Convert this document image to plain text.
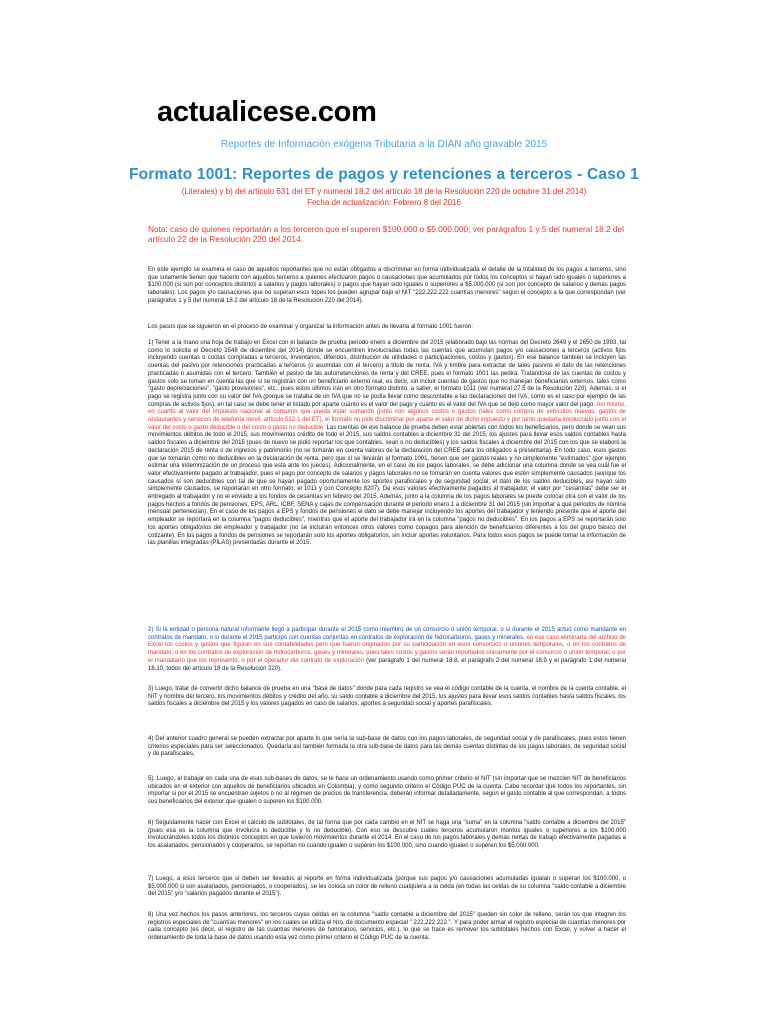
actualicese.com
Reportes de Información exógena Tributaria a la DIAN año gravable 2015
Formato 1001: Reportes de pagos y retenciones a terceros - Caso 1
(Literales) y b) del artículo 631 del ET y numeral 18.2 del artículo 18 de la Resolución 220 de octubre 31 del 2014)
Fecha de actualización: Febrero 8 del 2016
Nota: caso de quienes reportarán a los terceros que el superen $100.000 o $5.000.000; ver parágrafos 1 y 5 del numeral 18.2 del artículo 22 de la Resolución 220 del 2014.
En este ejemplo se examina el caso de aquellos reportantes que no están obligados a discriminar en forma individualizada el detalle de la totalidad de los pagos a terceros, sino que solamente tienen que hacerlo con aquellos terceros a quienes efectuaron pagos o causaciones que acumulados por todos los conceptos sí hayan sido iguales o superiores a $100.000 (si son por conceptos distintos a salarios y pagos laborales) o pagos que hayan sido iguales o superiores a $5.000.000 (si son por concepto de salarios y demás pagos laborales). Los pagos y/o causaciones que no superan esos topes los pueden agrupar bajo el NIT "222.222.222 cuantías menores" según el concepto a la que correspondan (ver parágrafos 1 y 5 del numeral 18.2 del artículo 18 de la Resolución 220 del 2014).
Los pasos que se siguieron en el proceso de examinar y organizar la información antes de llevarla al formato 1001 fueron:
1) Tener a la mano una hoja de trabajo en Excel con el balance de prueba periodo enero a diciembre del 2015 (elaborado bajo las normas del Decreto 2649 y el 2650 de 1993, tal como lo solicita el Decreto 2548 de diciembre del 2014) donde se encuentren involucradas todas las cuentas que acumulan pagos y/o causaciones a terceros (activos fijos incluyendo cuentas o cuotas compradas a terceros, inventarios, diferidos, distribución de utilidades o participaciones, costos y gastos). En ese balance también se incluyen las cuentas del pasivo por retenciones practicadas a terceros (o asumidas con el tercero) a título de renta, IVA y timbre para extractar de tales pasivos el dato de las retenciones practicadas o asumidas con el tercero. También el pasivo de las autorretenciones de renta y del CREE, pues el formato 1001 las pedirá. Tratándose de las cuentas de costos y gastos solo se toman en cuenta las que si se registran con un beneficiario externo real, es decir, sin incluir cuentas de gastos que no manejan beneficiarios externos, tales como "gasto depreciaciones", "gasto provisiones", etc., pues estos últimos irán en otro formato distinto, a saber, el formato 1011 (ver numeral 27.5 de la Resolución 220). Además, si el pago se registra junto con su valor del IVA (porque se trataba de un IVA que no se podía llevar como descontable a las declaraciones del IVA, como es el caso por ejemplo de las compras de activos fijos), en tal caso se debe tener el listado por aparte cuánto es el valor del pago y cuánto es el valor del IVA que se dejó como mayor valor del pago. Así mismo, en cuanto al valor del impuesto nacional al consumo que pueda estar sumando (junto con algunos costos o gastos (tales como compra de vehículos nuevos, gastos de restaurantes y servicios de telefonía movil, artículo 512-1 del ET), el formato no pide discriminar por aparte el valor de dicho impuesto y por tanto quedaría involucrado junto con el valor del costo o gasto deducible o del costo o gasto no deducible. Las cuentas de ese balance de prueba deben estar abiertas con todos los beneficiarios, pero donde se vean sus movimientos débitos de todo el 2015, sus movimientos crédito de todo el 2015, sus saldos contables a diciembre 31 del 2015, los ajustes para llevar esos saldos contables hasta saldos fiscales a diciembre del 2015 (pues de nuevo se pidió reportar los que contables, sean o no deducibles) y los saldos fiscales a diciembre del 2015 con los que se elaboró la declaración 2015 de renta o de ingresos y patrimonio (no se tomarán en cuenta valores de la declaración del CREE para los obligados a presentarla). En todo caso, esos gastos que se tomarán como no deducibles en la declaración de renta, pero que sí se llevarán al formato 1001, tienen que ser gastos reales y no simplemente "estimados" (por ejemplo estimar una indemnización de un proceso que está ante los jueces). Adicionalmente, en el caso de los pagos laborales, se debe adicionar una columna donde se vea cuál fue el valor efectivamente pagado al trabajador, pues el pago por concepto de salarios y pagos laborales no se tomarán en cuenta valores que estén simplemente causados (aunque los causados sí son deducibles con tal de que se hayan pagado oportunamente los aportes parafiscales y de seguridad social; el dato de los saldos deducibles, así hayan sido simplemente causados, se reportarán en otro formato, el 1011 y con Concepto 8207). De esos valores efectivamente pagados al trabajador, el valor por "cesantías" debe ser el entregado al trabajador y no el enviado a los fondos de cesantías en febrero del 2015. Además, junto a la columna de los pagos laborales se puede colocar otra con el valor de los pagos hechos a fondos de pensiones, EPS, ARL, ICBF, SENA y cajas de compensación durante el periodo enero 1 a diciembre 31 del 2015 (sin importar a qué periodos de nómina mensual pertenecían). En el caso de los pagos a EPS y fondos de pensiones el dato se debe manejar incluyendo los aportes del trabajador y teniendo presente que el aporte del empleador se reportará en la columna "pagos deducibles", mientras que el aporte del trabajador irá en la columna "pagos no deducibles". En los pagos a EPS se reportarán solo los aportes obligatorios del empleador y trabajador (no se incluirán entonces otros valores como copagos para atención de beneficiarios diferentes a los del grupo básico del cotizante). En los pagos a fondos de pensiones se reportarán solo los aportes obligatorios, sin incluir aportes voluntarios. Para todos esos pagos se puede tomar la información de las planillas integradas (PILAS) presentadas durante el 2015.
2) Si la entidad o persona natural informante llegó a participar durante el 2015 como miembro de un consorcio o unión temporal, o si durante el 2015 actuó como mandante en contratos de mandato, o si durante el 2015 participó con cuentas conjuntas en contratos de exploración de hidrocarburos, gases y minerales, en ese caso eliminaría del archivo de Excel los costos y gastos que figuran en sus contabilidades pero que fueron originados por su participación en esos consorcios o uniones temporales, o en los contratos de mandato, o en los contratos de exploración de hidrocarburos, gases y minerales, pues tales costos y gastos serán reportados únicamente por el consorcio o unión temporal, o por el mandatario que los representó, o por el operador del contrato de exploración (ver parágrafo 1 del numeral 18.8, el parágrafo 2 del numeral 18.9 y el parágrafo 1 del numeral 18.10, todos del artículo 18 de la Resolución 220).
3) Luego, tratar de convertir dicho balance de prueba en una "base de datos" donde para cada registro se vea el código contable de la cuenta, el nombre de la cuenta contable, el NIT y nombre del tercero, los movimientos débitos y crédito del año, su saldo contable a diciembre del 2015, los ajustes para llevar esos saldos contables hasta saldos fiscales, los saldos fiscales a diciembre del 2015 y los valores pagados en caso de salarios, aportes a seguridad social y aportes parafiscales.
4) Del anterior cuadro general se pueden extractar por aparte lo que sería la sub-base de datos con los pagos laborales, de seguridad social y de parafiscales, pues estos tienen criterios especiales para ser seleccionados. Quedaría así también formada la otra sub-base de datos para las demás cuentas distintas de los pagos laborales, de seguridad social y de parafiscales,
5). Luego, al trabajar en cada una de esas sub-bases de datos, se le hace un ordenamiento usando como primer criterio el NIT (sin importar que se mezclen NIT de beneficiarios ubicados en el exterior con aquellos de beneficiarios ubicados en Colombia), y como segundo criterio el Código PUC de la cuenta. Cabe recordar que todos los reportantes, sin importar si por el 2015 se encuentran sujetos o no al régimen de precios de transferencia, deberán informar detalladamente, según el gasto contable al que correspondan, a todos sus beneficiarios del exterior que igualen o superen los $100.000.
6) Seguidamente hacer con Excel el cálculo de subtotales, de tal forma que por cada cambio en el NIT se haga una "suma" en la columna "saldo contable a diciembre del 2015" (pues esa es la columna que involucra lo deducible y lo no deducible). Con eso se descubre cuáles terceros acumularon montos iguales o superiores a los $100.000 involucrándoles todos los distintos conceptos en que tuvieron movimientos durante el 2014. En el caso de los pagos laborales y demás rentas de trabajo efectivamente pagadas a los asalariados, pensionados y cooperados, se reportan no cuando igualen o superen los $100.000, sino cuando igualen o superen los $5.000.000.
7) Luego, a esos terceros que sí deben ser llevados al reporte en forma individualizada (porque sus pagos y/o causaciones acumuladas igualan o superan los $100.000, o $5.000.000 si son asalariados, pensionados, o cooperados), se les coloca un color de relleno cualquiera a la celda (en todas las celdas de su columna "saldo contable a diciembre del 2015" y/o "salarios pagados durante el 2015").
8) Una vez hechos los pasos anteriores, los terceros cuyas celdas en la columna "saldo contable a diciembre del 2015" queden sin color de relleno, serán los que integren los registros especiales de "cuantías menores" en los cuales se utiliza el Nro. de documento especial " 222.222.222 ". Y para poder armar el registro especial de cuantías menores por cada concepto (es decir, el registro de las cuantías menores de honorarios, servicios, etc.), lo que se hace es remover los subtotales hechos con Excel, y volver a hacer el ordenamiento de toda la base de datos usando esta vez como primer criterio el Código PUC de la cuenta.
